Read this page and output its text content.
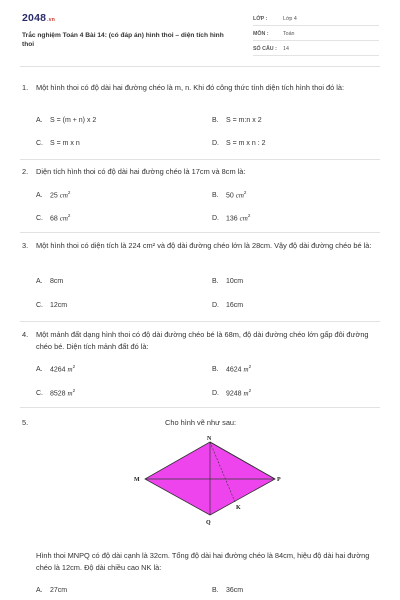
2048.vn
Trắc nghiệm Toán 4 Bài 14: (có đáp án) hình thoi – diện tích hình thoi
LỚP :	Lớp 4
MÔN :	Toán
SỐ CÂU : 14
1. Một hình thoi có độ dài hai đường chéo là m, n. Khi đó công thức tính diện tích hình thoi đó là:
A. S = (m + n) x 2	B. S = m:n x 2
C. S = m x n	D. S = m x n : 2
2. Diện tích hình thoi có độ dài hai đường chéo là 17cm và 8cm là:
A. 25 $cm^2$	B. 50 $cm^2$
C. 68 $cm^2$	D. 136 $cm^2$
3. Một hình thoi có diện tích là 224 cm² và độ dài đường chéo lớn là 28cm. Vậy độ dài đường chéo bé là:
A. 8cm	B. 10cm
C. 12cm	D. 16cm
4. Một mảnh đất dạng hình thoi có độ dài đường chéo bé là 68m, độ dài đường chéo lớn gấp đôi đường chéo bé. Diện tích mảnh đất đó là:
A. 4264 $m^2$	B. 4624 $m^2$
C. 8528 $m^2$	D. 9248 $m^2$
5.	Cho hình vẽ như sau:
N
M	P
Q
K
Hình thoi MNPQ có độ dài cạnh là 32cm. Tổng độ dài hai đường chéo là 84cm, hiệu độ dài hai đường chéo là 12cm. Độ dài chiều cao NK là:
A. 27cm	B. 36cm
